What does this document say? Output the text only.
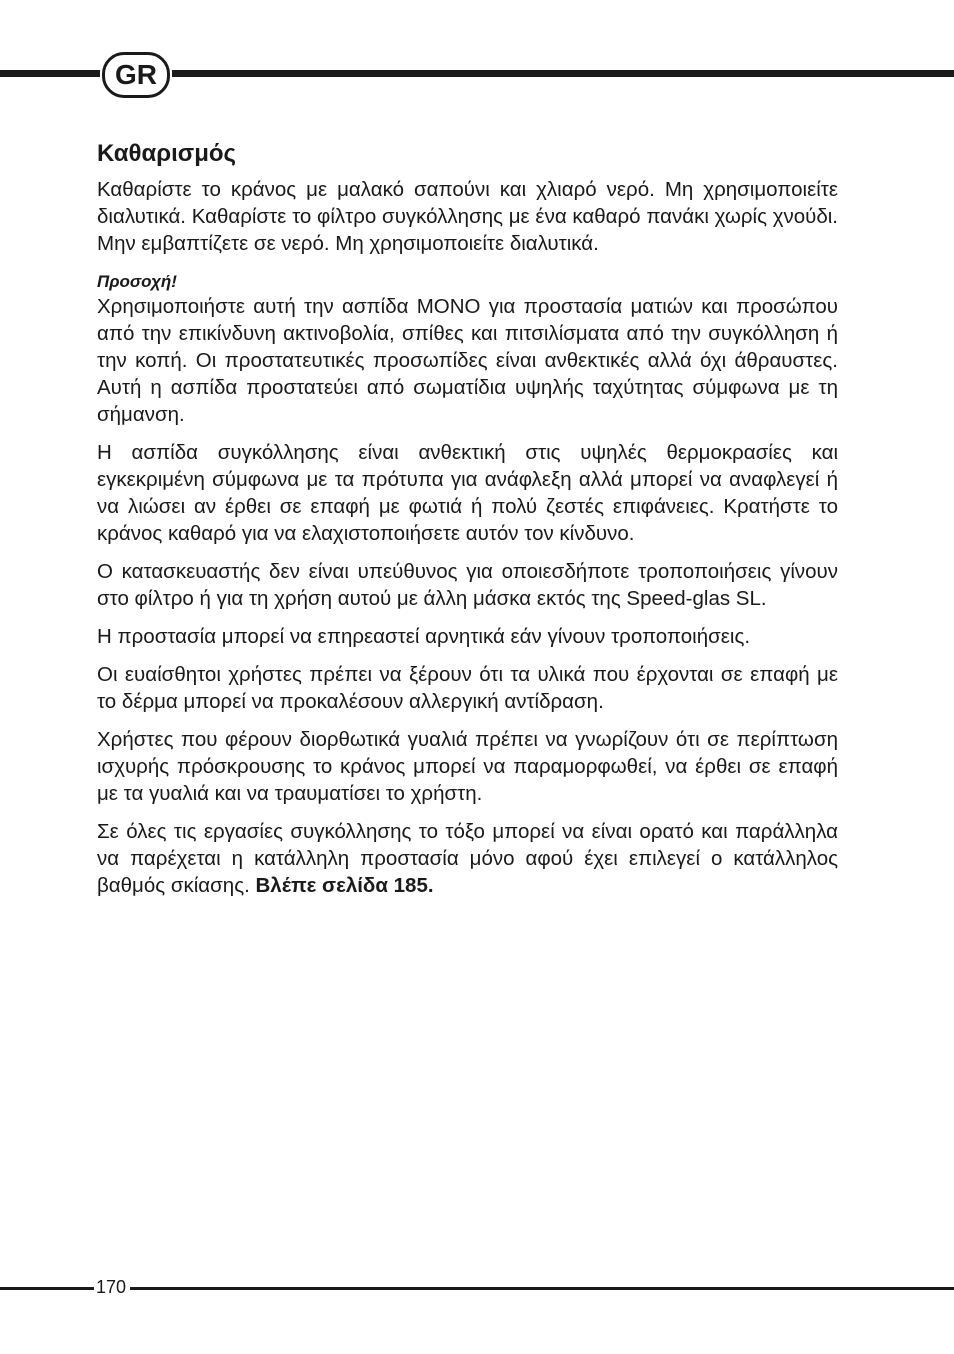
GR
Καθαρισμός

Καθαρίστε το κράνος με μαλακό σαπούνι και χλιαρό νερό. Μη χρησιμοποιείτε διαλυτικά. Καθαρίστε το φίλτρο συγκόλλησης με ένα καθαρό πανάκι χωρίς χνούδι. Μην εμβαπτίζετε σε νερό. Μη χρησιμοποιείτε διαλυτικά.

Προσοχή!

Χρησιμοποιήστε αυτή την ασπίδα ΜΟΝΟ για προστασία ματιών και προσώπου από την επικίνδυνη ακτινοβολία, σπίθες και πιτσιλίσματα από την συγκόλληση ή την κοπή. Οι προστατευτικές προσωπίδες είναι ανθεκτικές αλλά όχι άθραυστες. Αυτή η ασπίδα προστατεύει από σωματίδια υψηλής ταχύτητας σύμφωνα με τη σήμανση.

Η ασπίδα συγκόλλησης είναι ανθεκτική στις υψηλές θερμοκρασίες και εγκεκριμένη σύμφωνα με τα πρότυπα για ανάφλεξη αλλά μπορεί να αναφλεγεί ή να λιώσει αν έρθει σε επαφή με φωτιά ή πολύ ζεστές επιφάνειες. Κρατήστε το κράνος καθαρό για να ελαχιστοποιήσετε αυτόν τον κίνδυνο.

Ο κατασκευαστής δεν είναι υπεύθυνος για οποιεσδήποτε τροποποιήσεις γίνουν στο φίλτρο ή για τη χρήση αυτού με άλλη μάσκα εκτός της Speed-glas SL.

Η προστασία μπορεί να επηρεαστεί αρνητικά εάν γίνουν τροποποιήσεις.

Οι ευαίσθητοι χρήστες πρέπει να ξέρουν ότι τα υλικά που έρχονται σε επαφή με το δέρμα μπορεί να προκαλέσουν αλλεργική αντίδραση.

Χρήστες που φέρουν διορθωτικά γυαλιά πρέπει να γνωρίζουν ότι σε περίπτωση ισχυρής πρόσκρουσης το κράνος μπορεί να παραμορφωθεί, να έρθει σε επαφή με τα γυαλιά και να τραυματίσει το χρήστη.

Σε όλες τις εργασίες συγκόλλησης το τόξο μπορεί να είναι ορατό και παράλληλα να παρέχεται η κατάλληλη προστασία μόνο αφού έχει επιλεγεί ο κατάλληλος βαθμός σκίασης. Βλέπε σελίδα 185.

170
